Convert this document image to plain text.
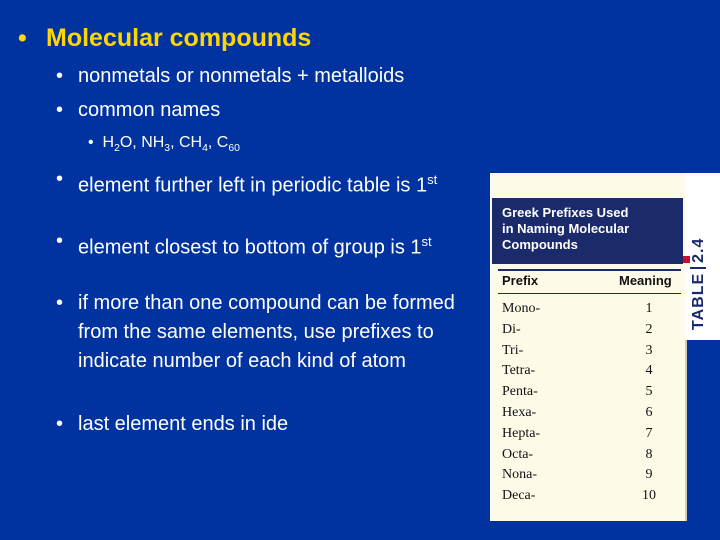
• Molecular compounds
• nonmetals or nonmetals + metalloids
• common names
• $H_2O$, $NH_3$, $CH_4$, $C_{60}$
• element further left in periodic table is 1st
• element closest to bottom of group is 1st
• if more than one compound can be formed from the same elements, use prefixes to indicate number of each kind of atom
• last element ends in ide
Greek Prefixes Used
in Naming Molecular
Compounds
Prefix	Meaning
Mono-	1
Di-	2
Tri-	3
Tetra-	4
Penta-	5
Hexa-	6
Hepta-	7
Octa-	8
Nona-	9
Deca-	10
TABLE2.4
